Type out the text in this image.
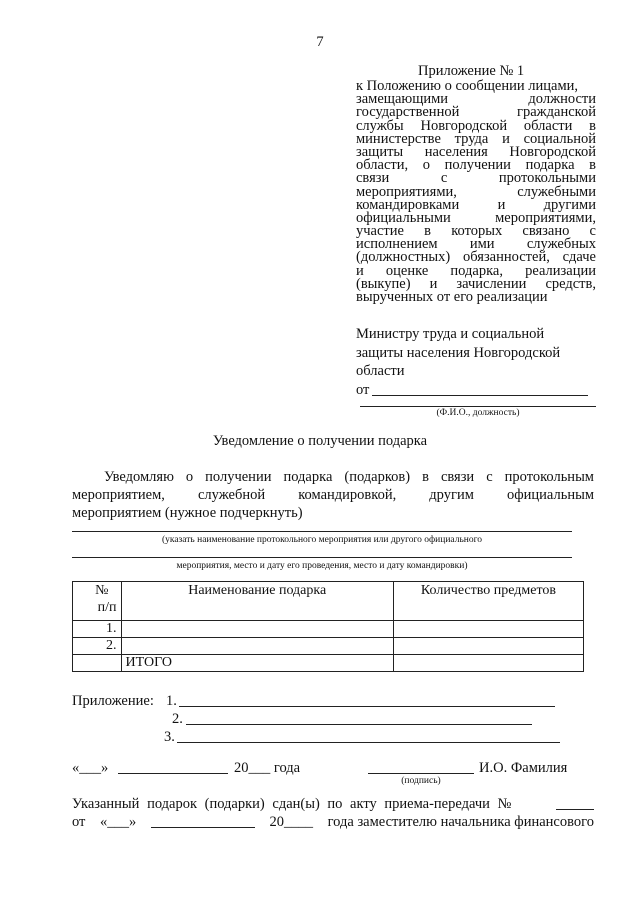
7
Приложение № 1
к Положению о сообщении лицами,
замещающими должности
государственной гражданской
службы Новгородской области в
министерстве труда и социальной
защиты населения Новгородской
области, о получении подарка в
связи с протокольными
мероприятиями, служебными
командировками и другими
официальными мероприятиями,
участие в которых связано с
исполнением ими служебных
(должностных) обязанностей, сдаче
и оценке подарка, реализации
(выкупе) и зачислении средств,
вырученных от его реализации
Министру труда и социальной
защиты населения Новгородской
области
от
(Ф.И.О., должность)
Уведомление о получении подарка
Уведомляю о получении подарка (подарков) в связи с протокольным
мероприятием, служебной командировкой, другим официальным
мероприятием (нужное подчеркнуть)
(указать наименование протокольного мероприятия или другого официального
мероприятия, место и дату его проведения, место и дату командировки)
№
п/п	Наименование подарка	Количество предметов
1.		
2.		
	ИТОГО	
Приложение: 1.
2.
3.
«___»	20___ года	И.О. Фамилия
(подпись)
Указанный подарок (подарки) сдан(ы) по акту приема-передачи №
от «___»	20____ года заместителю начальника финансового
